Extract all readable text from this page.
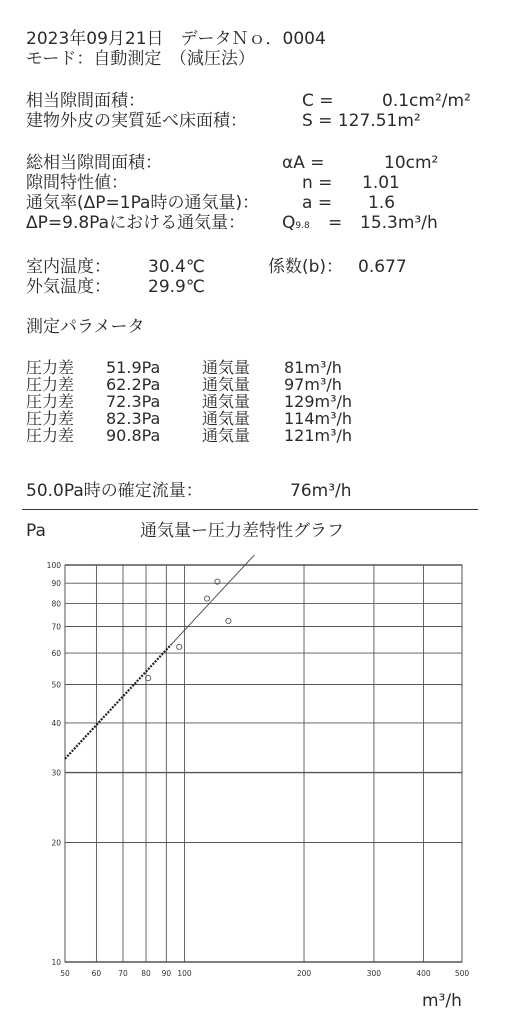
2023年09月21日　データＮｏ．0004
モード：自動測定　（減圧法）
相当隙間面積：	C =	0.1cm²/m²
建物外皮の実質延べ床面積：	S = 127.51m²
総相当隙間面積：	αA =	10cm²
隙間特性値：	n = 1.01
通気率(ΔP=1Pa時の通気量)：	a = 1.6
ΔP=9.8Paにおける通気量： Q9.8 = 15.3m³/h
室内温度： 30.4℃	係数(b)： 0.677
外気温度： 29.9℃
測定パラメータ
圧力差 51.9Pa	通気量 81m³/h
圧力差 62.2Pa	通気量 97m³/h
圧力差 72.3Pa	通気量 129m³/h
圧力差 82.3Pa	通気量 114m³/h
圧力差 90.8Pa	通気量 121m³/h
50.0Pa時の確定流量：	76m³/h
Pa	通気量ー圧力差特性グラフ
50	60 70 80 90 100	200	300	400	500
10
20
30
40
50
60
70
80
90
100
m³/h
